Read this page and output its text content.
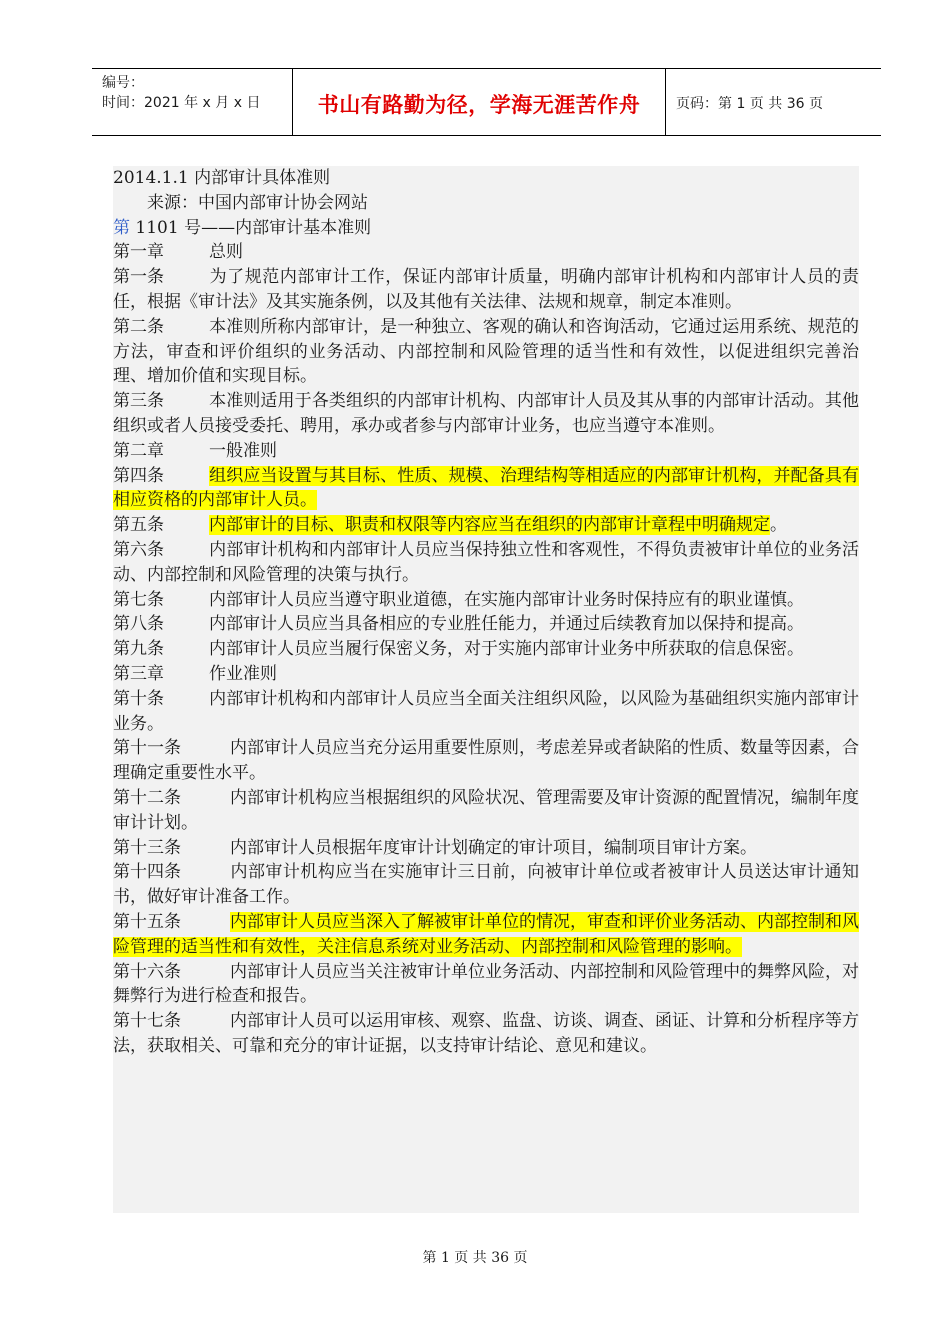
编号：
时间：2021 年 x 月 x 日	书山有路勤为径，学海无涯苦作舟	页码：第 1 页 共 36 页

2014.1.1 内部审计具体准则

来源：中国内部审计协会网站

第 1101 号——内部审计基本准则

第一章	总则

第一条	为了规范内部审计工作，保证内部审计质量，明确内部审计机构和内部审计人员的责任，根据《审计法》及其实施条例，以及其他有关法律、法规和规章，制定本准则。

第二条	本准则所称内部审计，是一种独立、客观的确认和咨询活动，它通过运用系统、规范的方法，审查和评价组织的业务活动、内部控制和风险管理的适当性和有效性，以促进组织完善治理、增加价值和实现目标。

第三条	本准则适用于各类组织的内部审计机构、内部审计人员及其从事的内部审计活动。其他组织或者人员接受委托、聘用，承办或者参与内部审计业务，也应当遵守本准则。

第二章	一般准则

第四条	组织应当设置与其目标、性质、规模、治理结构等相适应的内部审计机构，并配备具有相应资格的内部审计人员。

第五条	内部审计的目标、职责和权限等内容应当在组织的内部审计章程中明确规定。

第六条	内部审计机构和内部审计人员应当保持独立性和客观性，不得负责被审计单位的业务活动、内部控制和风险管理的决策与执行。

第七条	内部审计人员应当遵守职业道德，在实施内部审计业务时保持应有的职业谨慎。

第八条	内部审计人员应当具备相应的专业胜任能力，并通过后续教育加以保持和提高。

第九条	内部审计人员应当履行保密义务，对于实施内部审计业务中所获取的信息保密。

第三章	作业准则

第十条	内部审计机构和内部审计人员应当全面关注组织风险，以风险为基础组织实施内部审计业务。

第十一条	内部审计人员应当充分运用重要性原则，考虑差异或者缺陷的性质、数量等因素，合理确定重要性水平。

第十二条	内部审计机构应当根据组织的风险状况、管理需要及审计资源的配置情况，编制年度审计计划。

第十三条	内部审计人员根据年度审计计划确定的审计项目，编制项目审计方案。

第十四条	内部审计机构应当在实施审计三日前，向被审计单位或者被审计人员送达审计通知书，做好审计准备工作。

第十五条	内部审计人员应当深入了解被审计单位的情况，审查和评价业务活动、内部控制和风险管理的适当性和有效性，关注信息系统对业务活动、内部控制和风险管理的影响。

第十六条	内部审计人员应当关注被审计单位业务活动、内部控制和风险管理中的舞弊风险，对舞弊行为进行检查和报告。

第十七条	内部审计人员可以运用审核、观察、监盘、访谈、调查、函证、计算和分析程序等方法，获取相关、可靠和充分的审计证据，以支持审计结论、意见和建议。

第 1 页 共 36 页
